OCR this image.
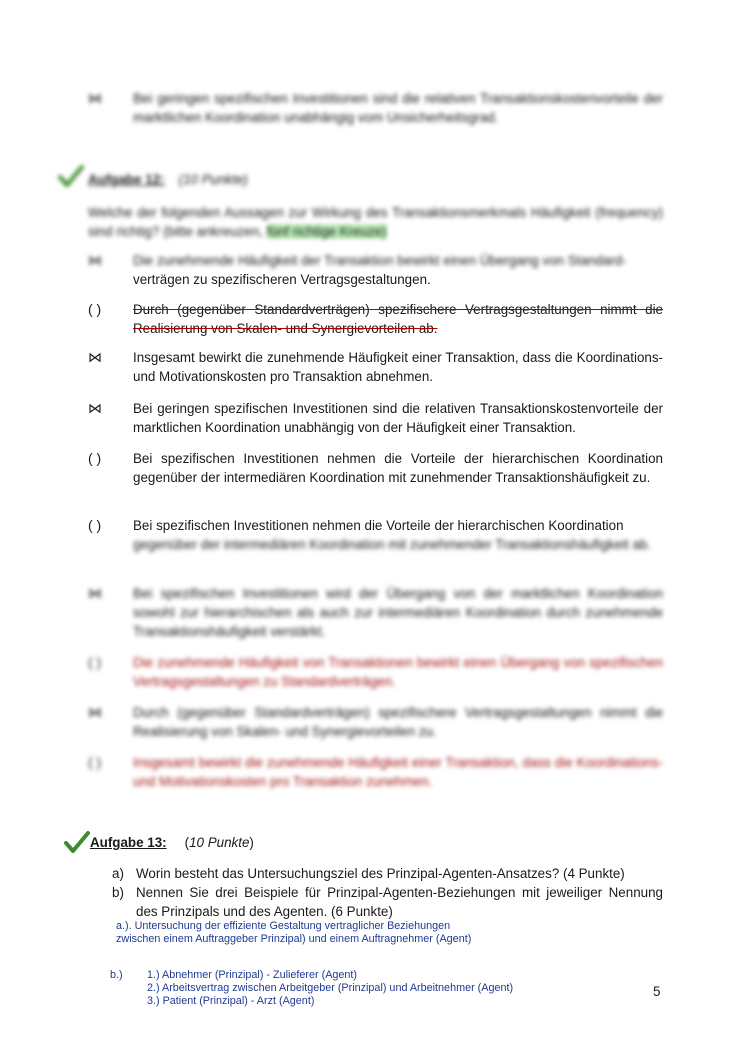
⋈	Bei geringen spezifischen Investitionen sind die relativen Transaktionskostenvorteile der marktlichen Koordination unabhängig vom Unsicherheitsgrad.
Aufgabe 12: (10 Punkte)
Welche der folgenden Aussagen zur Wirkung des Transaktionsmerkmals Häufigkeit (frequency) sind richtig? (bitte ankreuzen, fünf richtige Kreuze)
⋈	Die zunehmende Häufigkeit der Transaktion bewirkt einen Übergang von Standard-
verträgen zu spezifischeren Vertragsgestaltungen.
( )	Durch (gegenüber Standardverträgen) spezifischere Vertragsgestaltungen nimmt die Realisierung von Skalen- und Synergievorteilen ab.
⋈	Insgesamt bewirkt die zunehmende Häufigkeit einer Transaktion, dass die Koordinations- und Motivationskosten pro Transaktion abnehmen.
⋈	Bei geringen spezifischen Investitionen sind die relativen Transaktionskostenvorteile der marktlichen Koordination unabhängig von der Häufigkeit einer Transaktion.
( )	Bei spezifischen Investitionen nehmen die Vorteile der hierarchischen Koordination gegenüber der intermediären Koordination mit zunehmender Transaktionshäufigkeit zu.
( )	Bei spezifischen Investitionen nehmen die Vorteile der hierarchischen Koordination
gegenüber der intermediären Koordination mit zunehmender Transaktionshäufigkeit ab.
⋈	Bei spezifischen Investitionen wird der Übergang von der marktlichen Koordination sowohl zur hierarchischen als auch zur intermediären Koordination durch zunehmende Transaktionshäufigkeit verstärkt.
( )	Die zunehmende Häufigkeit von Transaktionen bewirkt einen Übergang von spezifischen Vertragsgestaltungen zu Standardverträgen.
⋈	Durch (gegenüber Standardverträgen) spezifischere Vertragsgestaltungen nimmt die Realisierung von Skalen- und Synergievorteilen zu.
( )	Insgesamt bewirkt die zunehmende Häufigkeit einer Transaktion, dass die Koordinations- und Motivationskosten pro Transaktion zunehmen.
Aufgabe 13: (10 Punkte)
a) Worin besteht das Untersuchungsziel des Prinzipal-Agenten-Ansatzes? (4 Punkte)
b) Nennen Sie drei Beispiele für Prinzipal-Agenten-Beziehungen mit jeweiliger Nennung des Prinzipals und des Agenten. (6 Punkte)
a.). Untersuchung der effiziente Gestaltung vertraglicher Beziehungen
zwischen einem Auftraggeber Prinzipal) und einem Auftragnehmer (Agent)
b.) 1.) Abnehmer (Prinzipal) - Zulieferer (Agent)
2.) Arbeitsvertrag zwischen Arbeitgeber (Prinzipal) und Arbeitnehmer (Agent)
3.) Patient (Prinzipal) - Arzt (Agent)
5
